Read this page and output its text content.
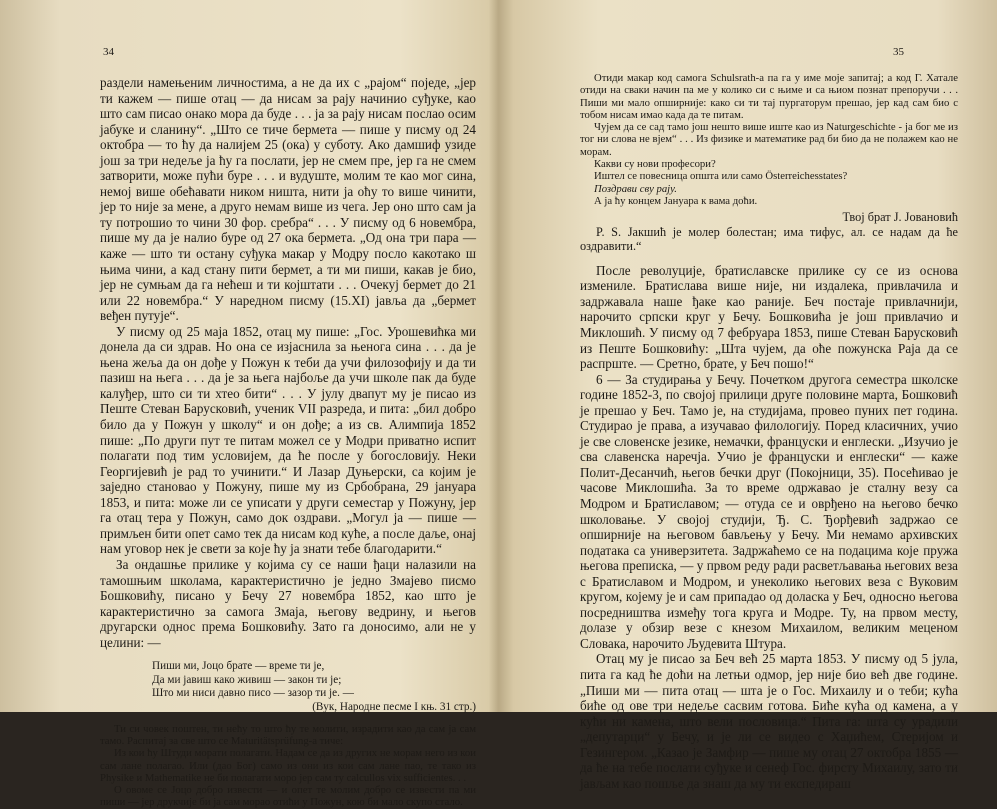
34	35

раздели намењеним личностима, а не да их с „рајом“ поједе, „јер ти кажем — пише отац — да нисам за рају начинио суђуке, као што сам писао онако мора да буде . . . ја за рају нисам послао осим јабуке и сланину“. „Што се тиче бермета — пише у писму од 24 октобра — то ћу да налијем 25 (ока) у суботу. Ако дамшиф узиде још за три недеље ја ћу га послати, јер не смем пре, јер га не смем затворити, може пући буре . . . и вудуште, молим те као мог сина, немој више обећавати ником ништа, нити ја оћу то више чинити, јер то није за мене, а друго немам више из чега. Јер оно што сам ја ту потрошио то чини 30 фор. сребра“ . . . У писму од 6 новембра, пише му да је налио буре од 27 ока бермета. „Од она три пара — каже — што ти остану суђука макар у Модру посло какотако ш њима чини, а кад стану пити бермет, а ти ми пиши, какав је био, јер не сумњам да га нећеш и ти којштати . . . Очекуј бермет до 21 или 22 новембра.“ У наредном писму (15.XI) јавља да „бермет веђен путује“.

У писму од 25 маја 1852, отац му пише: „Гос. Урошевићка ми донела да си здрав. Но она се изјаснила за њенога сина . . . да је њена жеља да он дође у Пожун к теби да учи филозофију и да ти пазиш на њега . . . да је за њега најбоље да учи школе пак да буде калуђер, што си ти хтео бити“ . . . У јулу двапут му је писао из Пеште Стеван Барусковић, ученик VII разреда, и пита: „бил добро било да у Пожун у школу“ и он дође; а из св. Алимпија 1852 пише: „По други пут те питам можел се у Модри приватно испит полагати под тим условијем, да ће после у богословију. Неки Георгијевић је рад то учинити.“ И Лазар Дуњерски, са којим је заједно становао у Пожуну, пише му из Србобрана, 29 јануара 1853, и пита: може ли се уписати у други семестар у Пожуну, јер га отац тера у Пожун, само док оздрави. „Могул ја — пише — примљен бити опет само тек да нисам код куће, а после даље, онај нам уговор нек је свети за које ћу ја знати тебе благодарити.“

За ондашње прилике у којима су се наши ђаци налазили на тамошњим школама, карактеристично је једно Змајево писмо Бошковићу, писано у Бечу 27 новембра 1852, као што је карактеристично за самога Змаја, његову ведрину, и његов другарски однос према Бошковићу. Зато га доносимо, али не у целини: —

Пиши ми, Јоцо брате — време ти је,
Да ми јавиш како живиш — закон ти је;
Што ми ниси давно писо — зазор ти је. —
(Вук, Народне песме I књ. 31 стр.)

Ти си човек поштен, ти нећу то што ћу те молити, израдити као да сам ја сам тамо. Распитај за све што се Maturitätsprüfung-а тиче:

Из кои ћу Штуди морати полагати. Надам се да из других не морам него из кои сам лане полагао. Или (дао Бог) само из они из кои сам лане пао, те тако из Physike и Mathematike не би полагати моро јер сам ту calcullos vix sufficientes. . .

О овоме се Јоцо добро извести — и опет те молим добро се извести па ми пиши — јер друкчије би ја сам морао отићи у Пожун, кою би мало скупо стало.

Отиди макар код самога Schulsrath-а па га у име моје запитај; а код Г. Хатале отиди на сваки начин па ме у колико си с њиме и са њиом познат препоручи . . . Пиши ми мало опширније: како си ти тај пургаторум прешао, јер кад сам био с тобом нисам имао када да те питам.

Чујем да се сад тамо још нешто више иште као из Naturgeschichte - ја бог ме из тог ни слова не вјем“ . . . Из физике и математике рад би био да не полажем као не морам.

Какви су нови професори?

Иштел се повесница општа или само Österreichesstates?

Поздрави сву рају.

А ја ћу концем Јануара к вама доћи.

Твој брат Ј. Јовановић

P. S. Јакшић је молер болестан; има тифус, ал. се надам да ће оздравити.“

После револуције, братиславске прилике су се из основа измениле. Братислава више није, ни издалека, привлачила и задржавала наше ђаке као раније. Беч постаје привлачнији, нарочито српски круг у Бечу. Бошковића је још привлачио и Миклошић. У писму од 7 фебруара 1853, пише Стеван Барусковић из Пеште Бошковићу: „Шта чујем, да оће пожунска Раја да се распрште. — Сретно, брате, у Беч пошо!“

6 — За студирања у Бечу. Почетком другога семестра школске године 1852-3, по својој прилици друге половине марта, Бошковић је прешао у Беч. Тамо је, на студијама, провео пуних пет година. Студирао је права, а изучавао филологију. Поред класичних, учио је све словенске језике, немачки, француски и енглески. „Изучио је сва славенска наречја. Учио је француски и енглески“ — каже Полит-Десанчић, његов бечки друг (Покојници, 35). Посећивао је часове Миклошића. За то време одржавао је сталну везу са Модром и Братиславом; — отуда се и оврђено на његово бечко школовање. У својој студији, Ђ. С. Ђорђевић задржао се опширније на његовом бављењу у Бечу. Ми немамо архивских података са универзитета. Задржаћемо се на подацима које пружа његова преписка, — у првом реду ради расветљавања његових веза с Братиславом и Модром, и унеколико његових веза с Вуковим кругом, којему је и сам припадао од доласка у Беч, односно његова посредништва између тога круга и Модре. Ту, на првом месту, долазе у обзир везе с кнезом Михаилом, великим меценом Словака, нарочито Људевита Штура.

Отац му је писао за Беч већ 25 марта 1853. У писму од 5 јула, пита га кад ће доћи на летњи одмор, јер није био већ две године. „Пиши ми — пита отац — шта је о Гос. Михаилу и о теби; кућа биће од ове три недеље сасвим готова. Биће кућа од камена, а у кући ни камена, што вели пословица.“ Пита га: шта су урадили „депутарци“ у Бечу, и је ли се видео с Хаџићем, Стеријом и Гезингером. „Казао је Замфир — пише му отац 27 октобра 1855 — да ће на тебе послати суђуке и сенеф Гос. фирсту Михаилу, зато ти јављам као пошље да знаш да му ти експедираш
